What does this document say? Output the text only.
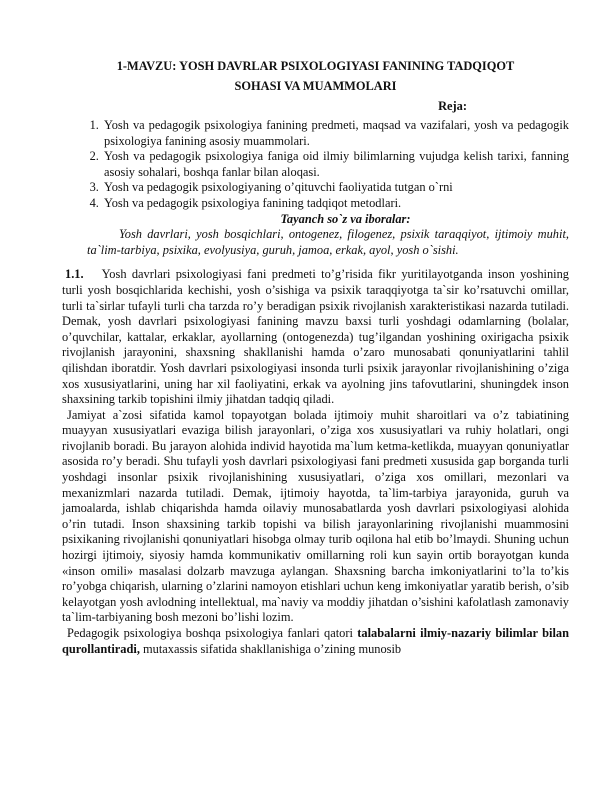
1-MAVZU: YOSH DAVRLAR PSIXOLOGIYASI FANINING TADQIQOT
SOHASI VA MUAMMOLARI

Reja:

1. Yosh va pedagogik psixologiya fanining predmeti, maqsad va vazifalari, yosh va pedagogik psixologiya fanining asosiy muammolari.
2. Yosh va pedagogik psixologiya faniga oid ilmiy bilimlarning vujudga kelish tarixi, fanning asosiy sohalari, boshqa fanlar bilan aloqasi.
3. Yosh va pedagogik psixologiyaning o’qituvchi faoliyatida tutgan o`rni
4. Yosh va pedagogik psixologiya fanining tadqiqot metodlari.

Tayanch so`z va iboralar:

Yosh davrlari, yosh bosqichlari, ontogenez, filogenez, psixik taraqqiyot, ijtimoiy muhit, ta`lim-tarbiya, psixika, evolyusiya, guruh, jamoa, erkak, ayol, yosh o`sishi.

1.1. Yosh davrlari psixologiyasi fani predmeti to’g’risida fikr yuritilayotganda inson yoshining turli yosh bosqichlarida kechishi, yosh o’sishiga va psixik taraqqiyotga ta`sir ko’rsatuvchi omillar, turli ta`sirlar tufayli turli cha tarzda ro’y beradigan psixik rivojlanish xarakteristikasi nazarda tutiladi. Demak, yosh davrlari psixologiyasi fanining mavzu baxsi turli yoshdagi odamlarning (bolalar, o’quvchilar, kattalar, erkaklar, ayollarning (ontogenezda) tug’ilgandan yoshining oxirigacha psixik rivojlanish jarayonini, shaxsning shakllanishi hamda o’zaro munosabati qonuniyatlarini tahlil qilishdan iboratdir. Yosh davrlari psixologiyasi insonda turli psixik jarayonlar rivojlanishining o’ziga xos xususiyatlarini, uning har xil faoliyatini, erkak va ayolning jins tafovutlarini, shuningdek inson shaxsining tarkib topishini ilmiy jihatdan tadqiq qiladi.

Jamiyat a`zosi sifatida kamol topayotgan bolada ijtimoiy muhit sharoitlari va o’z tabiatining muayyan xususiyatlari evaziga bilish jarayonlari, o’ziga xos xususiyatlari va ruhiy holatlari, ongi rivojlanib boradi. Bu jarayon alohida individ hayotida ma`lum ketma-ketlikda, muayyan qonuniyatlar asosida ro’y beradi. Shu tufayli yosh davrlari psixologiyasi fani predmeti xususida gap borganda turli yoshdagi insonlar psixik rivojlanishining xususiyatlari, o’ziga xos omillari, mezonlari va mexanizmlari nazarda tutiladi. Demak, ijtimoiy hayotda, ta`lim-tarbiya jarayonida, guruh va jamoalarda, ishlab chiqarishda hamda oilaviy munosabatlarda yosh davrlari psixologiyasi alohida o’rin tutadi. Inson shaxsining tarkib topishi va bilish jarayonlarining rivojlanishi muammosini psixikaning rivojlanishi qonuniyatlari hisobga olmay turib oqilona hal etib bo’lmaydi. Shuning uchun hozirgi ijtimoiy, siyosiy hamda kommunikativ omillarning roli kun sayin ortib borayotgan kunda «inson omili» masalasi dolzarb mavzuga aylangan. Shaxsning barcha imkoniyatlarini to’la to’kis ro’yobga chiqarish, ularning o’zlarini namoyon etishlari uchun keng imkoniyatlar yaratib berish, o’sib kelayotgan yosh avlodning intellektual, ma`naviy va moddiy jihatdan o’sishini kafolatlash zamonaviy ta`lim-tarbiyaning bosh mezoni bo’lishi lozim.

Pedagogik psixologiya boshqa psixologiya fanlari qatori talabalarni ilmiy-nazariy bilimlar bilan qurollantiradi, mutaxassis sifatida shakllanishiga o’zining munosib
